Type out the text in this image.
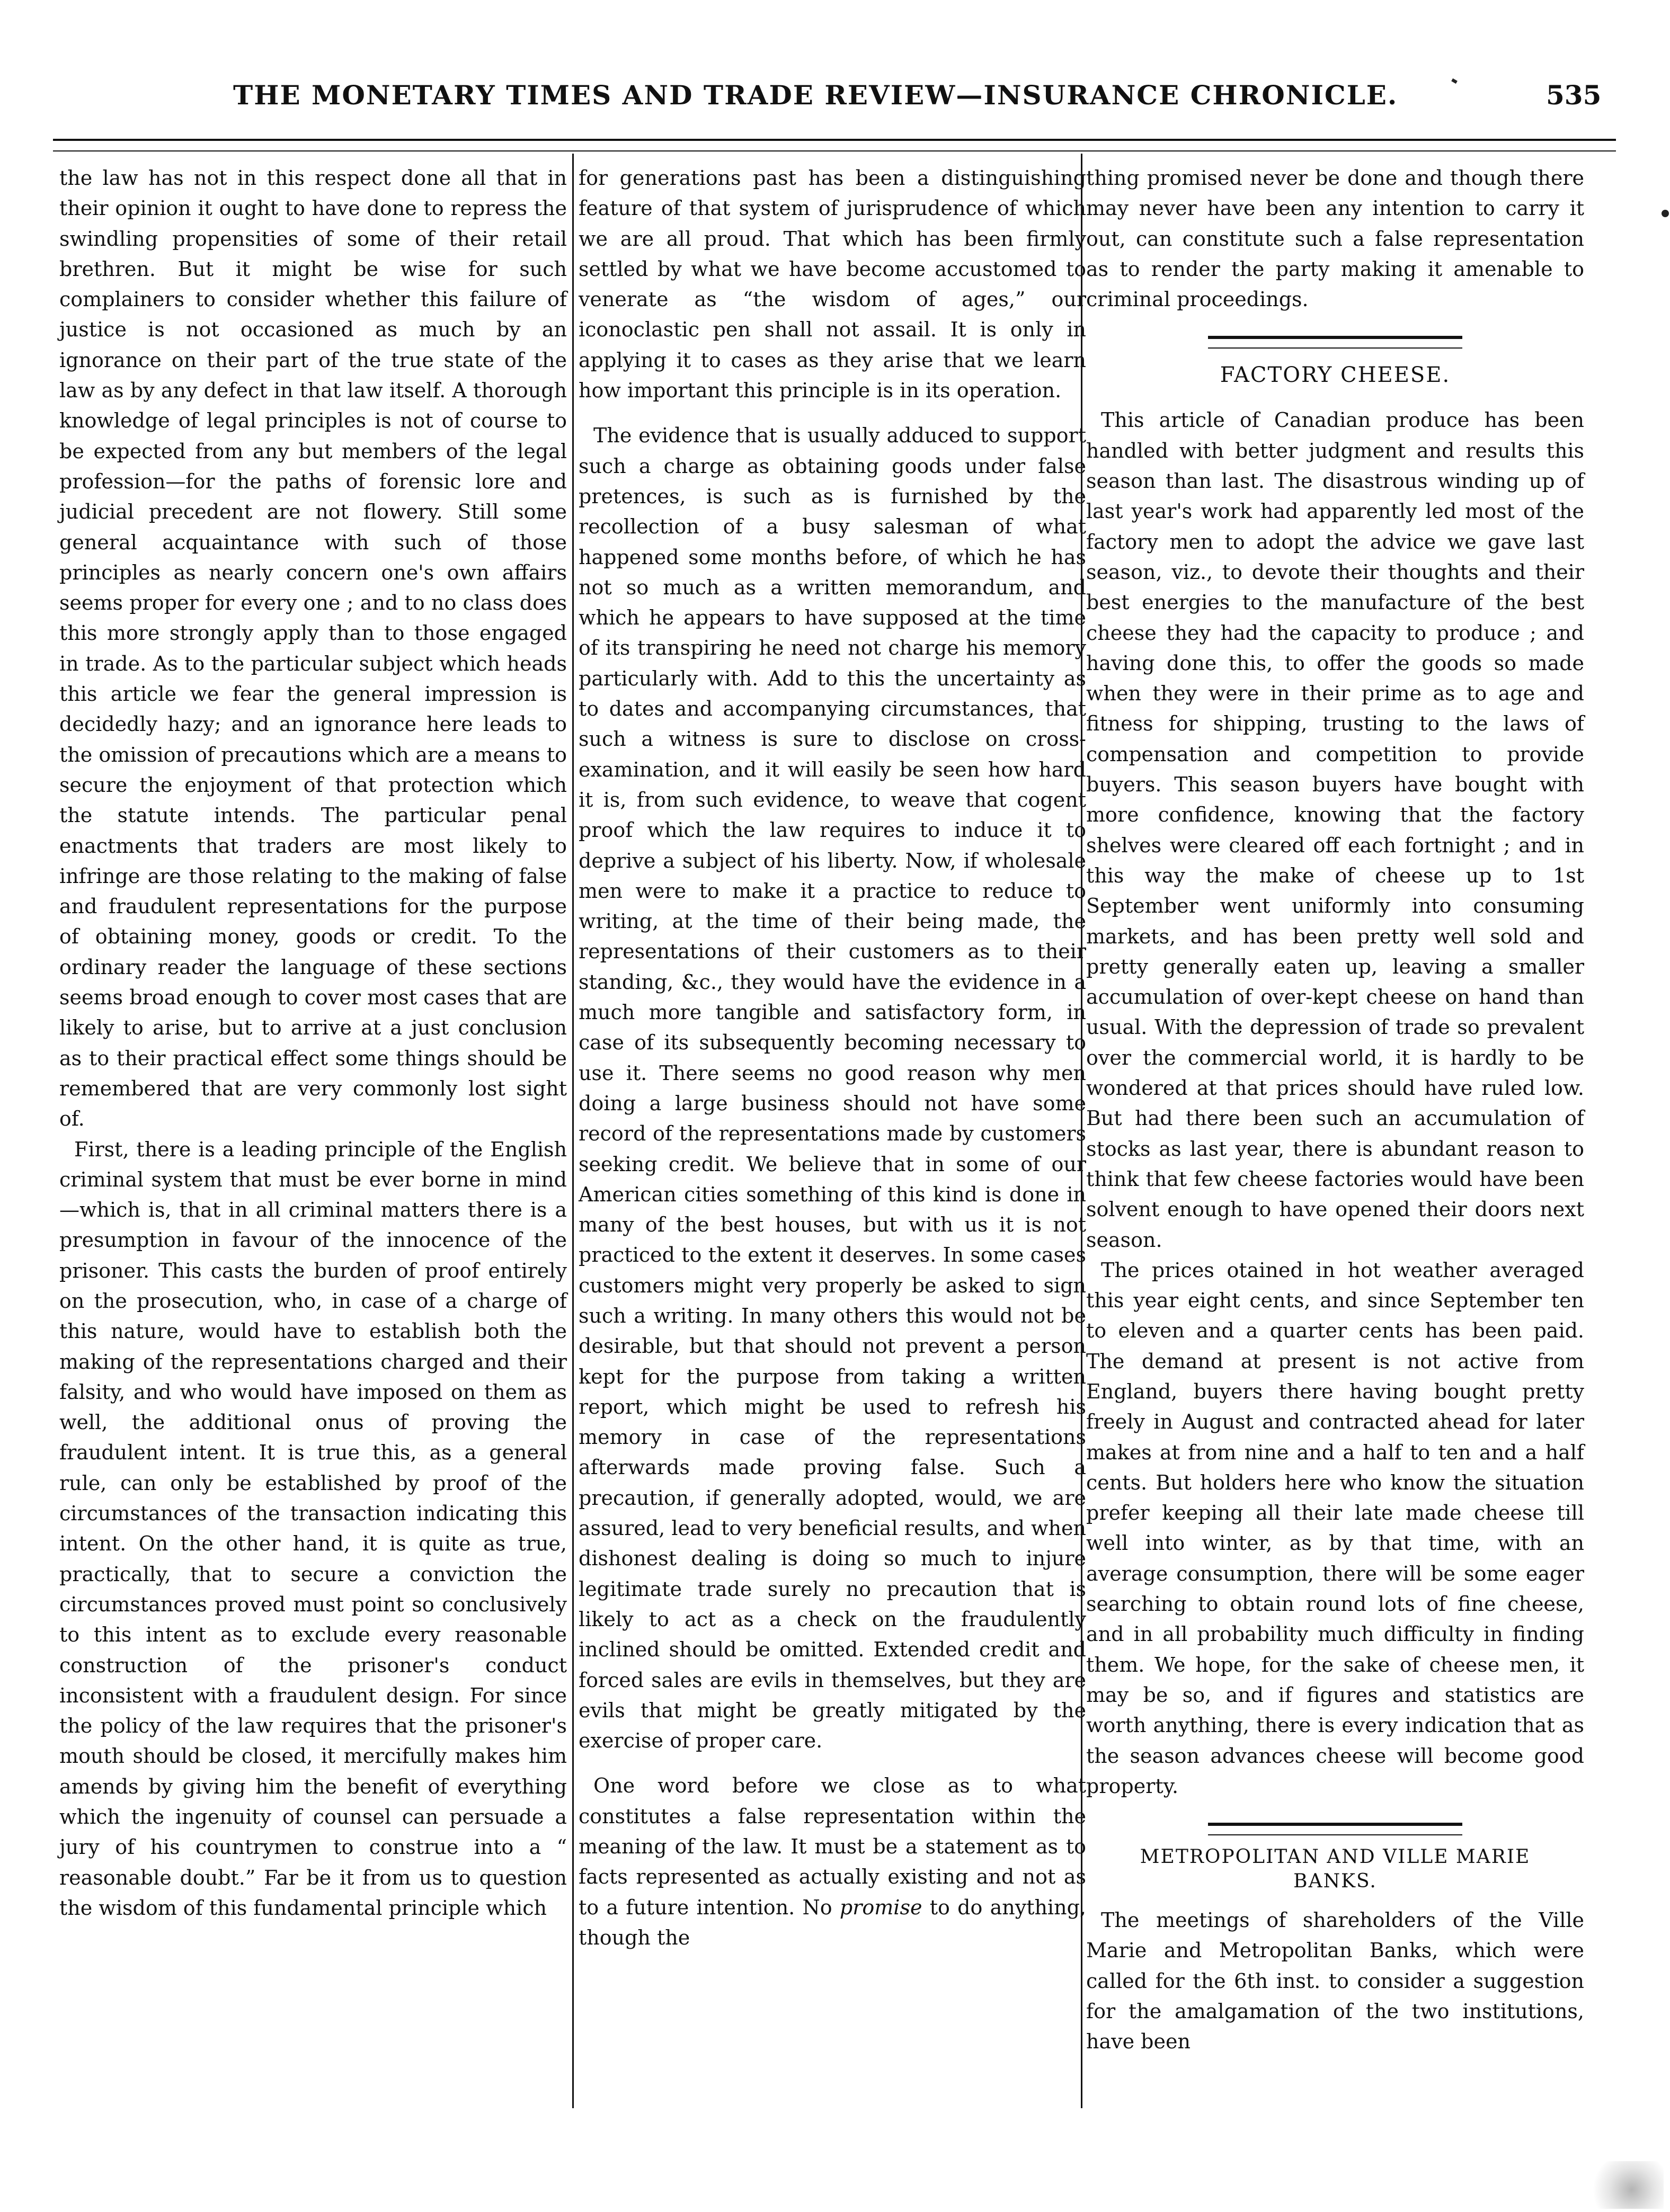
THE MONETARY TIMES AND TRADE REVIEW—INSURANCE CHRONICLE.	535

the law has not in this respect done all that in their opinion it ought to have done to repress the swindling propensities of some of their retail brethren. But it might be wise for such complainers to consider whether this failure of justice is not occasioned as much by an ignorance on their part of the true state of the law as by any defect in that law itself. A thorough knowledge of legal principles is not of course to be expected from any but members of the legal profession—for the paths of forensic lore and judicial precedent are not flowery. Still some general acquaintance with such of those principles as nearly concern one's own affairs seems proper for every one ; and to no class does this more strongly apply than to those engaged in trade. As to the particular subject which heads this article we fear the general impression is decidedly hazy; and an ignorance here leads to the omission of precautions which are a means to secure the enjoyment of that protection which the statute intends. The particular penal enactments that traders are most likely to infringe are those relating to the making of false and fraudulent representations for the purpose of obtaining money, goods or credit. To the ordinary reader the language of these sections seems broad enough to cover most cases that are likely to arise, but to arrive at a just conclusion as to their practical effect some things should be remembered that are very commonly lost sight of.

First, there is a leading principle of the English criminal system that must be ever borne in mind—which is, that in all criminal matters there is a presumption in favour of the innocence of the prisoner. This casts the burden of proof entirely on the prosecution, who, in case of a charge of this nature, would have to establish both the making of the representations charged and their falsity, and who would have imposed on them as well, the additional onus of proving the fraudulent intent. It is true this, as a general rule, can only be established by proof of the circumstances of the transaction indicating this intent. On the other hand, it is quite as true, practically, that to secure a conviction the circumstances proved must point so conclusively to this intent as to exclude every reasonable construction of the prisoner's conduct inconsistent with a fraudulent design. For since the policy of the law requires that the prisoner's mouth should be closed, it mercifully makes him amends by giving him the benefit of everything which the ingenuity of counsel can persuade a jury of his countrymen to construe into a “ reasonable doubt.” Far be it from us to question the wisdom of this fundamental principle which

for generations past has been a distinguishing feature of that system of jurisprudence of which we are all proud. That which has been firmly settled by what we have become accustomed to venerate as “the wisdom of ages,” our iconoclastic pen shall not assail. It is only in applying it to cases as they arise that we learn how important this principle is in its operation.

The evidence that is usually adduced to support such a charge as obtaining goods under false pretences, is such as is furnished by the recollection of a busy salesman of what happened some months before, of which he has not so much as a written memorandum, and which he appears to have supposed at the time of its transpiring he need not charge his memory particularly with. Add to this the uncertainty as to dates and accompanying circumstances, that such a witness is sure to disclose on cross-examination, and it will easily be seen how hard it is, from such evidence, to weave that cogent proof which the law requires to induce it to deprive a subject of his liberty. Now, if wholesale men were to make it a practice to reduce to writing, at the time of their being made, the representations of their customers as to their standing, &c., they would have the evidence in a much more tangible and satisfactory form, in case of its subsequently becoming necessary to use it. There seems no good reason why men doing a large business should not have some record of the representations made by customers seeking credit. We believe that in some of our American cities something of this kind is done in many of the best houses, but with us it is not practiced to the extent it deserves. In some cases customers might very properly be asked to sign such a writing. In many others this would not be desirable, but that should not prevent a person kept for the purpose from taking a written report, which might be used to refresh his memory in case of the representations afterwards made proving false. Such a precaution, if generally adopted, would, we are assured, lead to very beneficial results, and when dishonest dealing is doing so much to injure legitimate trade surely no precaution that is likely to act as a check on the fraudulently inclined should be omitted. Extended credit and forced sales are evils in themselves, but they are evils that might be greatly mitigated by the exercise of proper care.

One word before we close as to what constitutes a false representation within the meaning of the law. It must be a statement as to facts represented as actually existing and not as to a future intention. No promise to do anything, though the

thing promised never be done and though there may never have been any intention to carry it out, can constitute such a false representation as to render the party making it amenable to criminal proceedings.

FACTORY CHEESE.

This article of Canadian produce has been handled with better judgment and results this season than last. The disastrous winding up of last year's work had apparently led most of the factory men to adopt the advice we gave last season, viz., to devote their thoughts and their best energies to the manufacture of the best cheese they had the capacity to produce ; and having done this, to offer the goods so made when they were in their prime as to age and fitness for shipping, trusting to the laws of compensation and competition to provide buyers. This season buyers have bought with more confidence, knowing that the factory shelves were cleared off each fortnight ; and in this way the make of cheese up to 1st September went uniformly into consuming markets, and has been pretty well sold and pretty generally eaten up, leaving a smaller accumulation of over-kept cheese on hand than usual. With the depression of trade so prevalent over the commercial world, it is hardly to be wondered at that prices should have ruled low. But had there been such an accumulation of stocks as last year, there is abundant reason to think that few cheese factories would have been solvent enough to have opened their doors next season.

The prices otained in hot weather averaged this year eight cents, and since September ten to eleven and a quarter cents has been paid. The demand at present is not active from England, buyers there having bought pretty freely in August and contracted ahead for later makes at from nine and a half to ten and a half cents. But holders here who know the situation prefer keeping all their late made cheese till well into winter, as by that time, with an average consumption, there will be some eager searching to obtain round lots of fine cheese, and in all probability much difficulty in finding them. We hope, for the sake of cheese men, it may be so, and if figures and statistics are worth anything, there is every indication that as the season advances cheese will become good property.

METROPOLITAN AND VILLE MARIE
BANKS.

The meetings of shareholders of the Ville Marie and Metropolitan Banks, which were called for the 6th inst. to consider a suggestion for the amalgamation of the two institutions, have been
